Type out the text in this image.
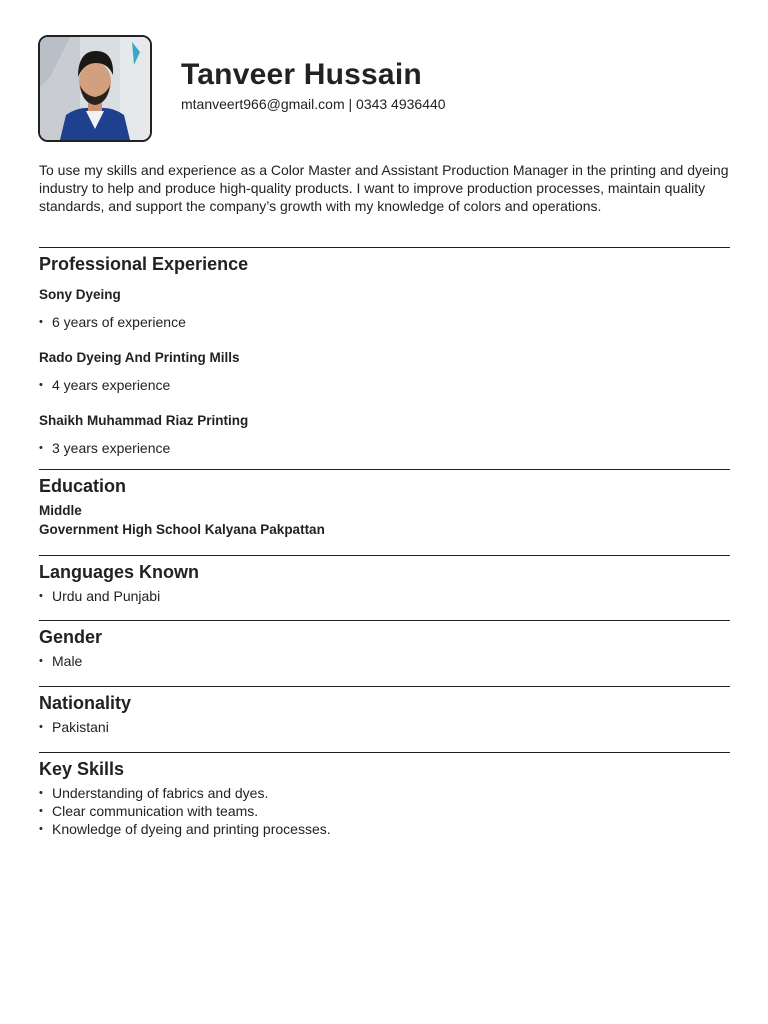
Tanveer Hussain
mtanveert966@gmail.com | 0343 4936440
To use my skills and experience as a Color Master and Assistant Production Manager in the printing and dyeing industry to help and produce high-quality products. I want to improve production processes, maintain quality standards, and support the company’s growth with my knowledge of colors and operations.
Professional Experience
Sony Dyeing
• 6 years of experience
Rado Dyeing And Printing Mills
• 4 years experience
Shaikh Muhammad Riaz Printing
• 3 years experience
Education
Middle
Government High School Kalyana Pakpattan
Languages Known
• Urdu and Punjabi
Gender
• Male
Nationality
• Pakistani
Key Skills
• Understanding of fabrics and dyes.
• Clear communication with teams.
• Knowledge of dyeing and printing processes.
